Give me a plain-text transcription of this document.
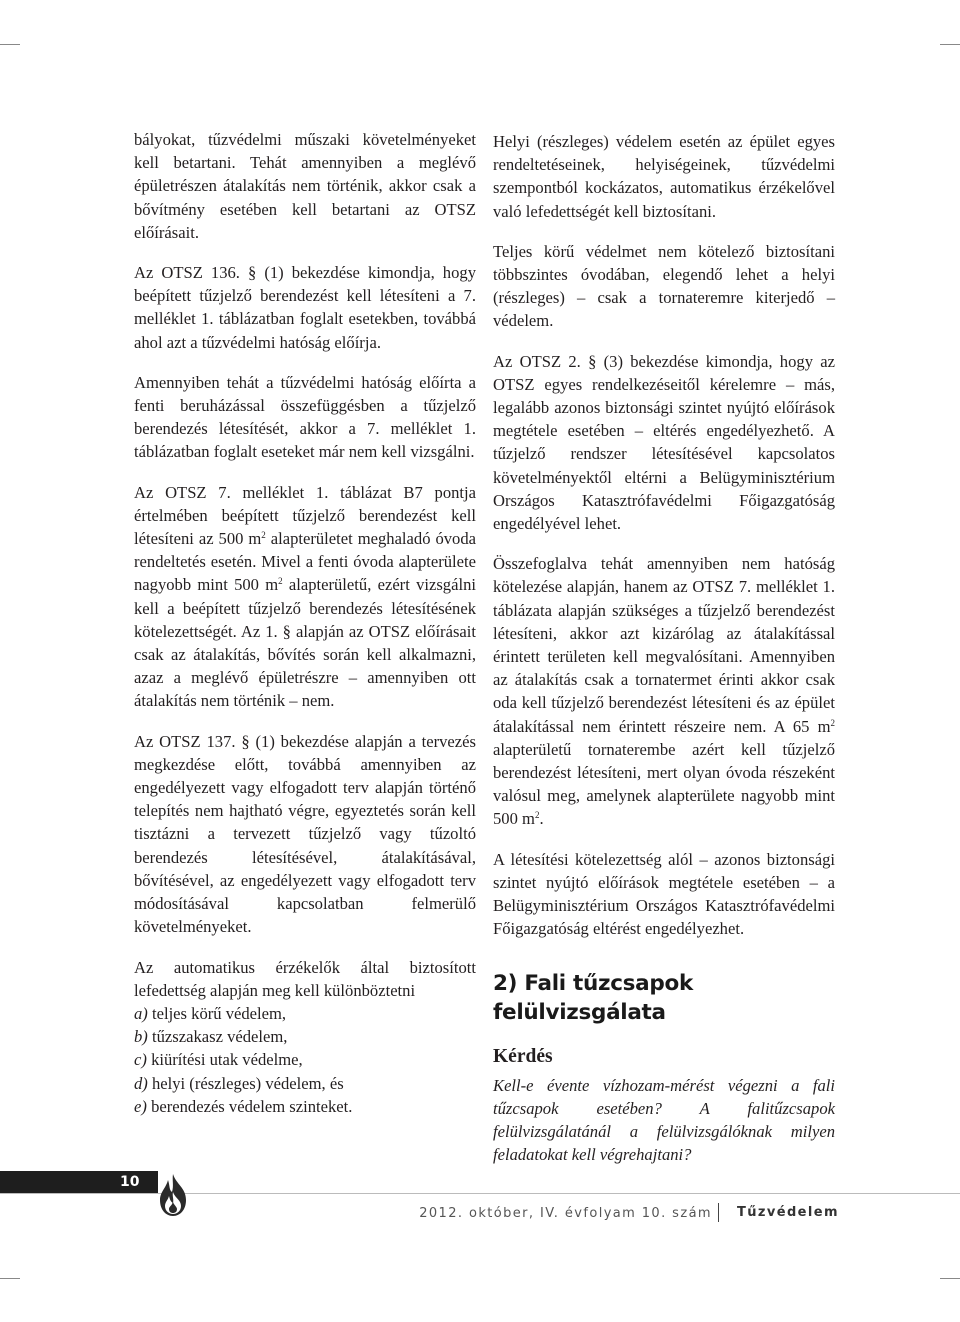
bályokat, tűzvédelmi műszaki követelményeket kell betartani. Tehát amennyiben a meglévő épületrészen átalakítás nem történik, akkor csak a bővítmény esetében kell betartani az OTSZ előírásait.

Az OTSZ 136. § (1) bekezdése kimondja, hogy beépített tűzjelző berendezést kell létesíteni a 7. melléklet 1. táblázatban foglalt esetekben, továbbá ahol azt a tűzvédelmi hatóság előírja.

Amennyiben tehát a tűzvédelmi hatóság előírta a fenti beruházással összefüggésben a tűzjelző berendezés létesítését, akkor a 7. melléklet 1. táblázatban foglalt eseteket már nem kell vizsgálni.

Az OTSZ 7. melléklet 1. táblázat B7 pontja értelmében beépített tűzjelző berendezést kell létesíteni az 500 $m^2$ alapterületet meghaladó óvoda rendeltetés esetén. Mivel a fenti óvoda alapterülete nagyobb mint 500 $m^2$ alapterületű, ezért vizsgálni kell a beépített tűzjelző berendezés létesítésének kötelezettségét. Az 1. § alapján az OTSZ előírásait csak az átalakítás, bővítés során kell alkalmazni, azaz a meglévő épületrészre – amennyiben ott átalakítás nem történik – nem.

Az OTSZ 137. § (1) bekezdése alapján a tervezés megkezdése előtt, továbbá amennyiben az engedélyezett vagy elfogadott terv alapján történő telepítés nem hajtható végre, egyeztetés során kell tisztázni a tervezett tűzjelző vagy tűzoltó berendezés létesítésével, átalakításával, bővítésével, az engedélyezett vagy elfogadott terv módosításával kapcsolatban felmerülő követelményeket.

Az automatikus érzékelők által biztosított lefedettség alapján meg kell különböztetni

a) teljes körű védelem,
b) tűzszakasz védelem,
c) kiürítési utak védelme,
d) helyi (részleges) védelem, és
e) berendezés védelem szinteket.

Helyi (részleges) védelem esetén az épület egyes rendeltetéseinek, helyiségeinek, tűzvédelmi szempontból kockázatos, automatikus érzékelővel való lefedettségét kell biztosítani.

Teljes körű védelmet nem kötelező biztosítani többszintes óvodában, elegendő lehet a helyi (részleges) – csak a tornateremre kiterjedő – védelem.

Az OTSZ 2. § (3) bekezdése kimondja, hogy az OTSZ egyes rendelkezéseitől kérelemre – más, legalább azonos biztonsági szintet nyújtó előírások megtétele esetében – eltérés engedélyezhető. A tűzjelző rendszer létesítésével kapcsolatos követelményektől eltérni a Belügyminisztérium Országos Katasztrófavédelmi Főigazgatóság engedélyével lehet.

Összefoglalva tehát amennyiben nem hatóság kötelezése alapján, hanem az OTSZ 7. melléklet 1. táblázata alapján szükséges a tűzjelző berendezést létesíteni, akkor azt kizárólag az átalakítással érintett területen kell megvalósítani. Amennyiben az átalakítás csak a tornatermet érinti akkor csak oda kell tűzjelző berendezést létesíteni és az épület átalakítással nem érintett részeire nem. A 65 $m^2$ alapterületű tornaterembe azért kell tűzjelző berendezést létesíteni, mert olyan óvoda részeként valósul meg, amelynek alapterülete nagyobb mint 500 $m^2$.

A létesítési kötelezettség alól – azonos biztonsági szintet nyújtó előírások megtétele esetében – a Belügyminisztérium Országos Katasztrófavédelmi Főigazgatóság eltérést engedélyezhet.

2) Fali tűzcsapok felülvizsgálata
Kérdés

Kell-e évente vízhozam-mérést végezni a fali tűzcsapok esetében? A falitűzcsapok felülvizsgálatánál a felülvizsgálóknak milyen feladatokat kell végrehajtani?

10
2012. október, IV. évfolyam 10. szám Tűzvédelem
